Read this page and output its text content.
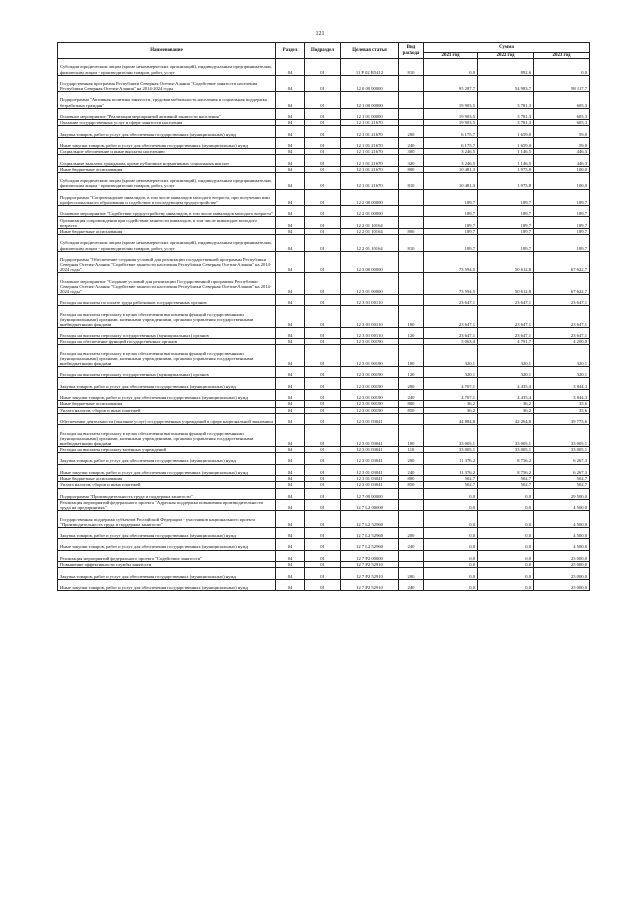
121
Наименование	Раздел	Подраздел	Целевая статья	Вид расхода	Сумма		
					2021 год	2022 год	2023 год
Субсидии юридическим лицам (кроме некоммерческих организаций), индивидуальным предпринимателям, физическим лицам - производителям товаров, работ, услуг	04	01	11 Р 02 R5412	810	0,0	892,6	0,0
Государственная программа Республики Северная Осетия-Алания "Содействие занятости населения Республики Северная Осетия-Алания" на 2014-2024 годы	04	01	12 0 00 00000		95 287,7	54 983,7	98 117,7
Подпрограмма "Активная политика занятости, трудовая мобильность населения и социальная поддержка безработных граждан"	04	01	12 1 00 00000		19 903,5	3 781,3	605,3
Основное мероприятие "Реализация мероприятий активной занятости населения"	04	01	12 1 01 00000		19 903,5	3 781,3	605,3
Оказание государственных услуг в сфере занятости населения	04	01	12 1 01 21670		19 903,5	3 781,3	605,3
Закупка товаров, работ и услуг для обеспечения государственных (муниципальных) нужд	04	01	12 1 01 21670	200	6 175,7	1 659,0	59,0
Иные закупки товаров, работ и услуг для обеспечения государственных (муниципальных) нужд	04	01	12 1 01 21670	240	6 175,7	1 659,0	59,0
Социальное обеспечение и иные выплаты населению	04	01	12 1 01 21670	300	3 246,5	1 146,5	446,3
Социальные выплаты гражданам, кроме публичных нормативных социальных выплат	04	01	12 1 01 21670	320	3 246,5	1 146,5	446,3
Иные бюджетные ассигнования	04	01	12 1 01 21670	800	10 481,3	1 975,8	100,0
Субсидии юридическим лицам (кроме некоммерческих организаций), индивидуальным предпринимателям, физическим лицам - производителям товаров, работ, услуг	04	01	12 1 01 21670	810	10 481,3	1 975,8	100,0
Подпрограмма "Сопровождение инвалидов, в том числе инвалидов молодого возраста, при получении ими профессионального образования и содействие в последующем трудоустройстве"	04	01	12 2 00 00000		189,7	189,7	189,7
Основное мероприятие "Содействие трудоустройству инвалидов, в том числе инвалидов молодого возраста"	04	01	12 2 01 00000		189,7	189,7	189,7
Организация сопровождения при содействии занятости инвалидов, в том числе инвалидов молодого возраста	04	01	12 2 01 10164		189,7	189,7	189,7
Иные бюджетные ассигнования	04	01	12 2 01 10164	800	189,7	189,7	189,7
Субсидии юридическим лицам (кроме некоммерческих организаций), индивидуальным предпринимателям, физическим лицам - производителям товаров, работ, услуг	04	01	12 2 01 10164	810	189,7	189,7	189,7
Подпрограмма "Обеспечение создания условий для реализации государственной программы Республики Северная Осетия-Алания "Содействие занятости населения Республики Северная Осетия-Алания" на 2014-2024 годы"	04	01	12 3 00 00000		73 594,5	50 612,8	67 622,7
Основное мероприятие "Создание условий для реализации Государственной программы Республики Северная Осетия-Алания "Содействие занятости населения Республики Северная Осетия-Алания" на 2014-2024 годы"	04	01	12 3 01 00000		73 594,5	50 612,8	67 622,7
Расходы на выплаты по оплате труда работников государственных органов	04	01	12 3 01 00110		23 647,1	23 647,1	23 647,1
Расходы на выплаты персоналу в целях обеспечения выполнения функций государственными (муниципальными) органами, казенными учреждениями, органами управления государственными внебюджетными фондами	04	01	12 3 01 00110	100	23 647,1	23 647,1	23 647,1
Расходы на выплаты персоналу государственных (муниципальных) органов	04	01	12 3 01 00110	120	23 647,1	23 647,1	23 647,1
Расходы на обеспечение функций государственных органов	04	01	12 3 01 00190		5 063,4	4 791,7	4 200,0
Расходы на выплаты персоналу в целях обеспечения выполнения функций государственными (муниципальными) органами, казенными учреждениями, органами управления государственными внебюджетными фондами	04	01	12 3 01 00190	100	320,1	320,1	320,1
Расходы на выплаты персоналу государственных (муниципальных) органов	04	01	12 3 01 00190	120	320,1	320,1	320,1
Закупка товаров, работ и услуг для обеспечения государственных (муниципальных) нужд	04	01	12 3 01 00190	200	4 707,1	4 435,4	3 844,3
Иные закупки товаров, работ и услуг для обеспечения государственных (муниципальных) нужд	04	01	12 3 01 00190	240	4 707,1	4 435,4	3 844,3
Иные бюджетные ассигнования	04	01	12 3 01 00190	800	36,2	36,2	35,6
Уплата налогов, сборов и иных платежей	04	01	12 3 01 00190	850	36,2	36,2	35,6
Обеспечение деятельности (оказание услуг) государственных учреждений в сфере национальной экономики	04	01	12 3 01 03041		44 884,0	42 264,0	39 775,6
Расходы на выплаты персоналу в целях обеспечения выполнения функций государственными (муниципальными) органами, казенными учреждениями, органами управления государственными внебюджетными фондами	04	01	12 3 01 03041	100	33 005,1	33 005,1	33 005,1
Расходы на выплаты персоналу казенных учреждений	04	01	12 3 01 03041	110	33 005,1	33 005,1	33 005,1
Закупка товаров, работ и услуг для обеспечения государственных (муниципальных) нужд	04	01	12 3 01 03041	200	11 376,2	8 756,2	6 267,3
Иные закупки товаров, работ и услуг для обеспечения государственных (муниципальных) нужд	04	01	12 3 01 03041	240	11 376,2	8 756,2	6 267,3
Иные бюджетные ассигнования	04	01	12 3 01 03041	800	502,7	502,7	502,7
Уплата налогов, сборов и иных платежей	04	01	12 3 01 03041	850	502,7	502,7	502,7
Подпрограмма "Производительность труда и поддержка занятости"	04	01	12 7 00 00000		0,0	0,0	29 500,0
Реализация мероприятий федерального проекта "Адресная поддержка повышения производительности труда на предприятиях"	04	01	12 7 L2 00000		0,0	0,0	4 500,0
Государственная поддержка субъектов Российской Федерации - участников национального проекта "Производительность труда и поддержка занятости"	04	01	12 7 L2 52960		0,0	0,0	4 500,0
Закупка товаров, работ и услуг для обеспечения государственных (муниципальных) нужд	04	01	12 7 L2 52960	200	0,0	0,0	4 500,0
Иные закупки товаров, работ и услуг для обеспечения государственных (муниципальных) нужд	04	01	12 7 L2 52960	240	0,0	0,0	4 500,0
Реализация мероприятий федерального проекта "Содействие занятости"	04	01	12 7 P2 00000		0,0	0,0	25 000,0
Повышение эффективности службы занятости	04	01	12 7 P2 52910		0,0	0,0	25 000,0
Закупка товаров, работ и услуг для обеспечения государственных (муниципальных) нужд	04	01	12 7 P2 52910	200	0,0	0,0	25 000,0
Иные закупки товаров, работ и услуг для обеспечения государственных (муниципальных) нужд	04	01	12 7 P2 52910	240	0,0	0,0	25 000,0
